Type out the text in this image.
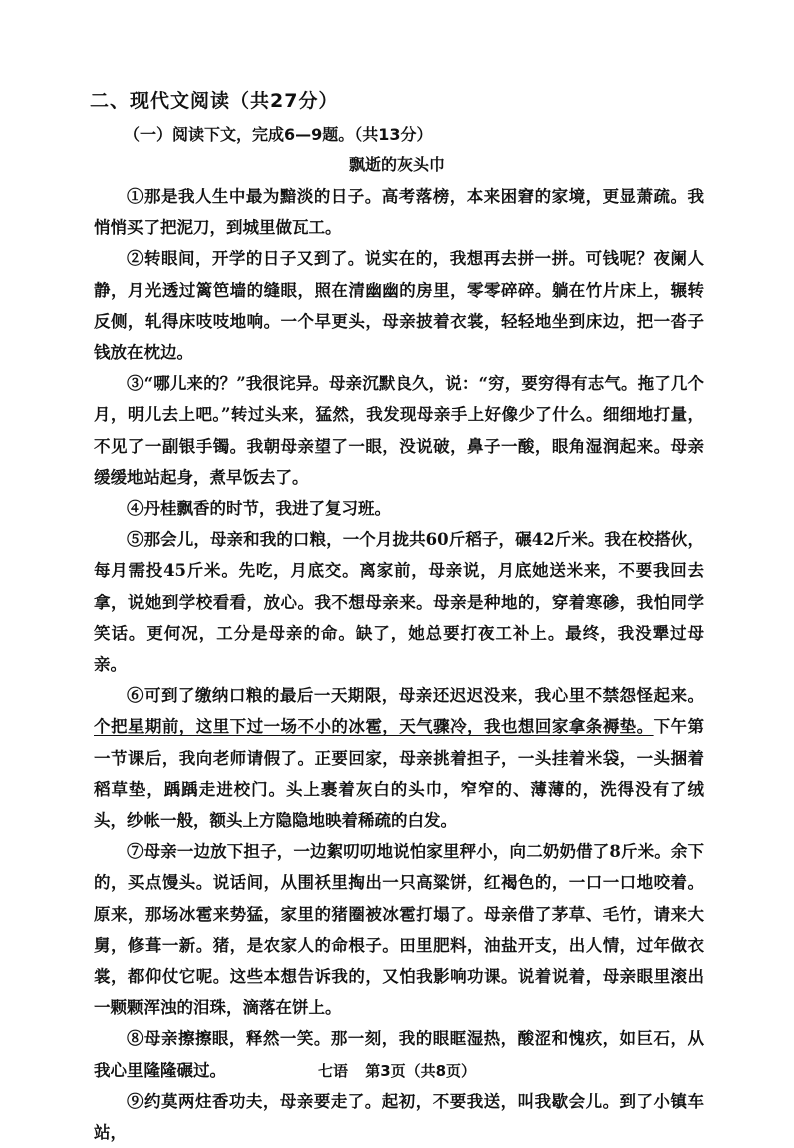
二、现代文阅读（共27分）
（一）阅读下文，完成6—9题。（共13分）
飘逝的灰头巾

①那是我人生中最为黯淡的日子。高考落榜，本来困窘的家境，更显萧疏。我悄悄买了把泥刀，到城里做瓦工。

②转眼间，开学的日子又到了。说实在的，我想再去拼一拼。可钱呢？夜阑人静，月光透过篱笆墙的缝眼，照在清幽幽的房里，零零碎碎。躺在竹片床上，辗转反侧，轧得床吱吱地响。一个早更头，母亲披着衣裳，轻轻地坐到床边，把一沓子钱放在枕边。

③“哪儿来的？”我很诧异。母亲沉默良久，说：“穷，要穷得有志气。拖了几个月，明儿去上吧。”转过头来，猛然，我发现母亲手上好像少了什么。细细地打量，不见了一副银手镯。我朝母亲望了一眼，没说破，鼻子一酸，眼角湿润起来。母亲缓缓地站起身，煮早饭去了。

④丹桂飘香的时节，我进了复习班。

⑤那会儿，母亲和我的口粮，一个月拢共60斤稻子，碾42斤米。我在校搭伙，每月需投45斤米。先吃，月底交。离家前，母亲说，月底她送米来，不要我回去拿，说她到学校看看，放心。我不想母亲来。母亲是种地的，穿着寒碜，我怕同学笑话。更何况，工分是母亲的命。缺了，她总要打夜工补上。最终，我没犟过母亲。

⑥可到了缴纳口粮的最后一天期限，母亲还迟迟没来，我心里不禁怨怪起来。个把星期前，这里下过一场不小的冰雹，天气骤冷，我也想回家拿条褥垫。下午第一节课后，我向老师请假了。正要回家，母亲挑着担子，一头挂着米袋，一头捆着稻草垫，踽踽走进校门。头上裹着灰白的头巾，窄窄的、薄薄的，洗得没有了绒头，纱帐一般，额头上方隐隐地映着稀疏的白发。

⑦母亲一边放下担子，一边絮叨叨地说怕家里秤小，向二奶奶借了8斤米。余下的，买点馒头。说话间，从围袄里掏出一只高粱饼，红褐色的，一口一口地咬着。原来，那场冰雹来势猛，家里的猪圈被冰雹打塌了。母亲借了茅草、毛竹，请来大舅，修葺一新。猪，是农家人的命根子。田里肥料，油盐开支，出人情，过年做衣裳，都仰仗它呢。这些本想告诉我的，又怕我影响功课。说着说着，母亲眼里滚出一颗颗浑浊的泪珠，滴落在饼上。

⑧母亲擦擦眼，释然一笑。那一刻，我的眼眶湿热，酸涩和愧疚，如巨石，从我心里隆隆碾过。

⑨约莫两炷香功夫，母亲要走了。起初，不要我送，叫我歇会儿。到了小镇车站，

七语 第3页（共8页）
